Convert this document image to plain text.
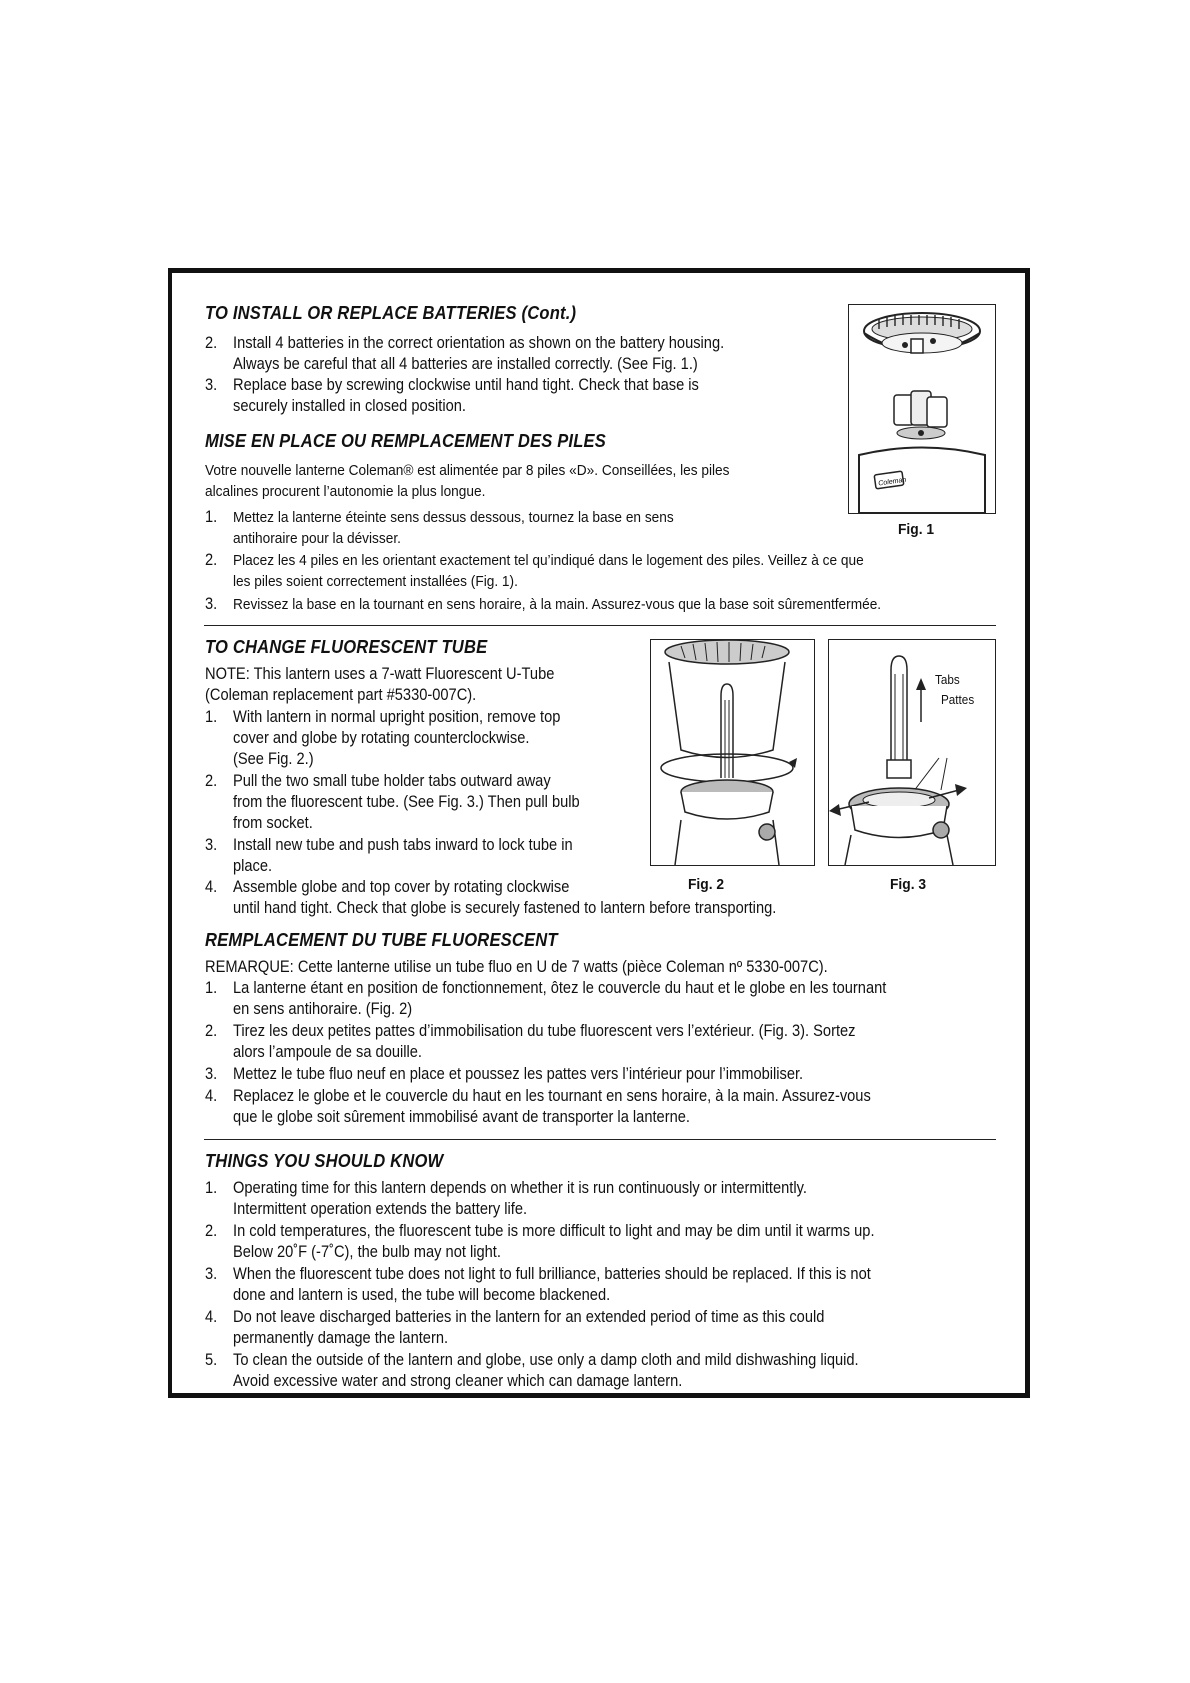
TO INSTALL OR REPLACE BATTERIES (Cont.)
2. Install 4 batteries in the correct orientation as shown on the battery housing.
Always be careful that all 4 batteries are installed correctly. (See Fig. 1.)
3. Replace base by screwing clockwise until hand tight. Check that base is
securely installed in closed position.
MISE EN PLACE OU REMPLACEMENT DES PILES
Votre nouvelle lanterne Coleman® est alimentée par 8 piles «D». Conseillées, les piles
alcalines procurent l’autonomie la plus longue.
1. Mettez la lanterne éteinte sens dessus dessous, tournez la base en sens
antihoraire pour la dévisser.
2. Placez les 4 piles en les orientant exactement tel qu’indiqué dans le logement des piles. Veillez à ce que
les piles soient correctement installées (Fig. 1).
3. Revissez la base en la tournant en sens horaire, à la main. Assurez-vous que la base soit sûrementfermée.
Coleman
Fig. 1
TO CHANGE FLUORESCENT TUBE
NOTE: This lantern uses a 7-watt Fluorescent U-Tube
(Coleman replacement part #5330-007C).
1. With lantern in normal upright position, remove top
cover and globe by rotating counterclockwise.
(See Fig. 2.)
2. Pull the two small tube holder tabs outward away
from the fluorescent tube. (See Fig. 3.) Then pull bulb
from socket.
3. Install new tube and push tabs inward to lock tube in
place.
4. Assemble globe and top cover by rotating clockwise
until hand tight. Check that globe is securely fastened to lantern before transporting.
Fig. 2
Tabs
Pattes
Fig. 3
REMPLACEMENT DU TUBE FLUORESCENT
REMARQUE: Cette lanterne utilise un tube fluo en U de 7 watts (pièce Coleman nº 5330-007C).
1. La lanterne étant en position de fonctionnement, ôtez le couvercle du haut et le globe en les tournant
en sens antihoraire. (Fig. 2)
2. Tirez les deux petites pattes d’immobilisation du tube fluorescent vers l’extérieur. (Fig. 3). Sortez
alors l’ampoule de sa douille.
3. Mettez le tube fluo neuf en place et poussez les pattes vers l’intérieur pour l’immobiliser.
4. Replacez le globe et le couvercle du haut en les tournant en sens horaire, à la main. Assurez-vous
que le globe soit sûrement immobilisé avant de transporter la lanterne.
THINGS YOU SHOULD KNOW
1. Operating time for this lantern depends on whether it is run continuously or intermittently.
Intermittent operation extends the battery life.
2. In cold temperatures, the fluorescent tube is more difficult to light and may be dim until it warms up.
Below 20˚F (-7˚C), the bulb may not light.
3. When the fluorescent tube does not light to full brilliance, batteries should be replaced. If this is not
done and lantern is used, the tube will become blackened.
4. Do not leave discharged batteries in the lantern for an extended period of time as this could
permanently damage the lantern.
5. To clean the outside of the lantern and globe, use only a damp cloth and mild dishwashing liquid.
Avoid excessive water and strong cleaner which can damage lantern.
